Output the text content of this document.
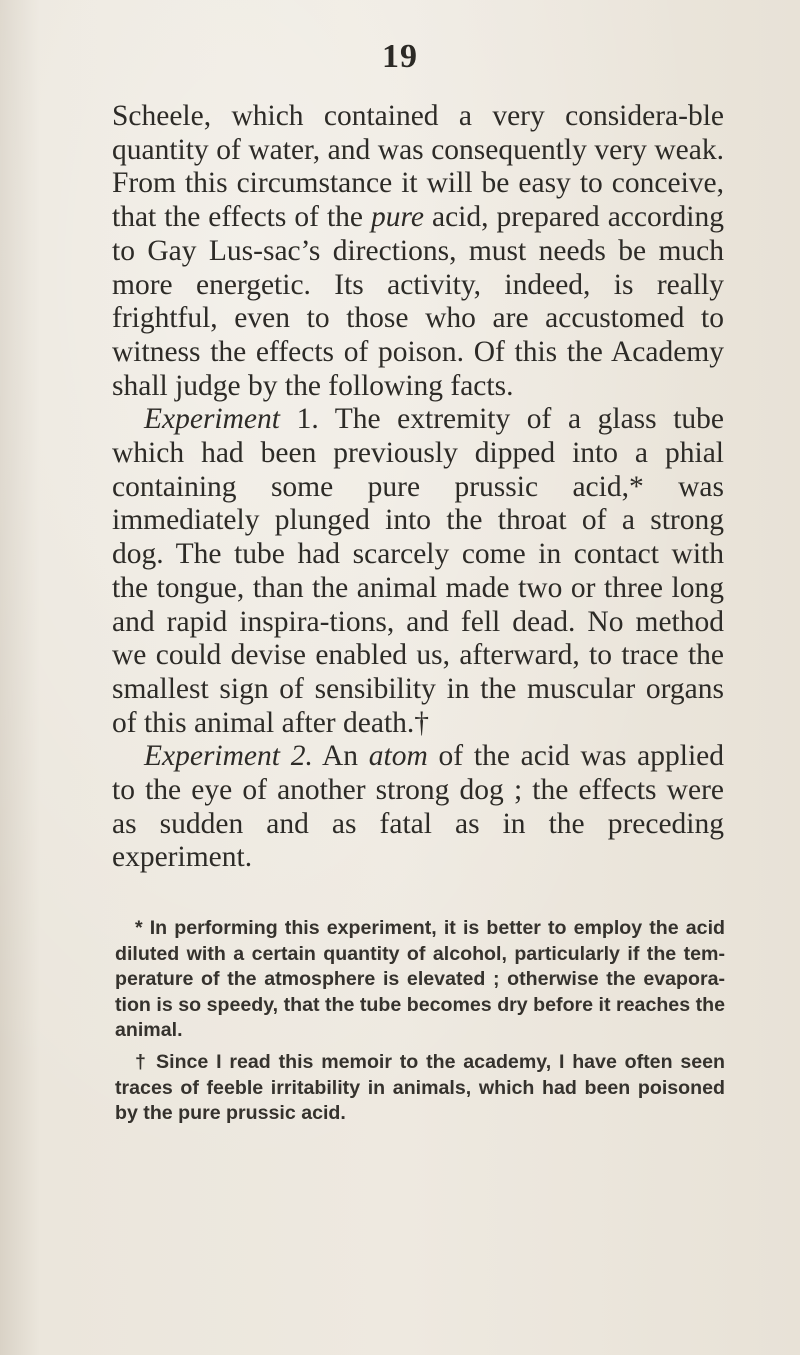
19

Scheele, which contained a very considera-ble quantity of water, and was consequently very weak. From this circumstance it will be easy to conceive, that the effects of the pure acid, prepared according to Gay Lus-sac’s directions, must needs be much more energetic. Its activity, indeed, is really frightful, even to those who are accustomed to witness the effects of poison. Of this the Academy shall judge by the following facts.

Experiment 1. The extremity of a glass tube which had been previously dipped into a phial containing some pure prussic acid,* was immediately plunged into the throat of a strong dog. The tube had scarcely come in contact with the tongue, than the animal made two or three long and rapid inspira-tions, and fell dead. No method we could devise enabled us, afterward, to trace the smallest sign of sensibility in the muscular organs of this animal after death.†

Experiment 2. An atom of the acid was applied to the eye of another strong dog ; the effects were as sudden and as fatal as in the preceding experiment.

* In performing this experiment, it is better to employ the acid diluted with a certain quantity of alcohol, particularly if the tem-perature of the atmosphere is elevated ; otherwise the evapora-tion is so speedy, that the tube becomes dry before it reaches the animal.

† Since I read this memoir to the academy, I have often seen traces of feeble irritability in animals, which had been poisoned by the pure prussic acid.
